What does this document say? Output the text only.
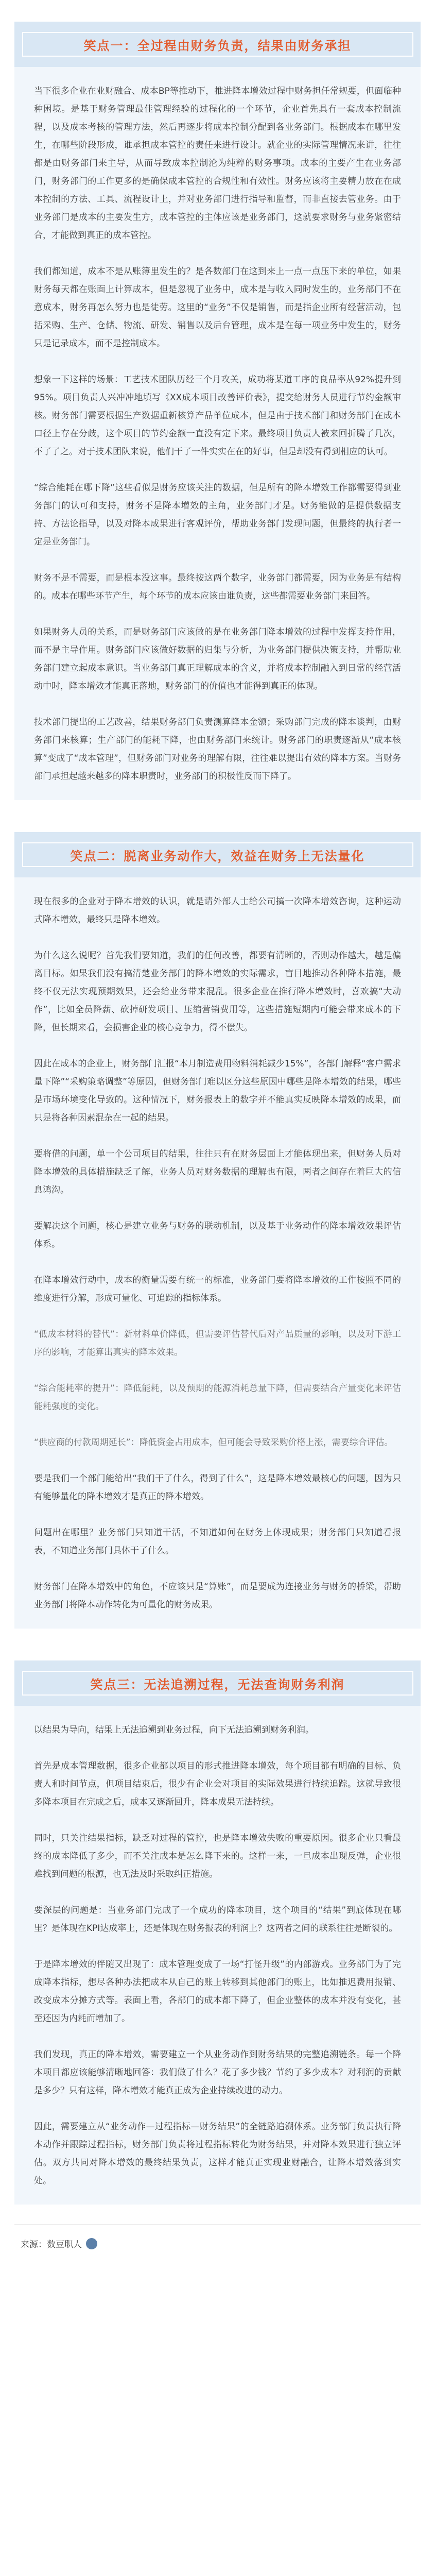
笑点一：全过程由财务负责，结果由财务承担

当下很多企业在业财融合、成本BP等推动下，推进降本增效过程中财务担任常规要，但面临种种困境。是基于财务管理最佳管理经验的过程化的一个环节，企业首先具有一套成本控制流程，以及成本考核的管理方法，然后再逐步将成本控制分配到各业务部门。根据成本在哪里发生，在哪些阶段形成，谁承担成本管控的责任来进行设计。就企业的实际管理情况来讲，往往都是由财务部门来主导，从而导致成本控制沦为纯粹的财务事项。成本的主要产生在业务部门，财务部门的工作更多的是确保成本管控的合规性和有效性。财务应该将主要精力放在在成本控制的方法、工具、流程设计上，并对业务部门进行指导和监督，而非直接去管业务。由于业务部门是成本的主要发生方，成本管控的主体应该是业务部门，这就要求财务与业务紧密结合，才能做到真正的成本管控。

我们都知道，成本不是从账簿里发生的？是各数部门在这到来上一点一点压下来的单位，如果财务每天都在账面上计算成本，但是忽视了业务中，成本是与收入同时发生的，业务部门不在意成本，财务再怎么努力也是徒劳。这里的“业务”不仅是销售，而是指企业所有经营活动，包括采购、生产、仓储、物流、研发、销售以及后台管理，成本是在每一项业务中发生的，财务只是记录成本，而不是控制成本。

想象一下这样的场景：工艺技术团队历经三个月攻关，成功将某道工序的良品率从92%提升到95%。项目负责人兴冲冲地填写《XX成本项目改善评价表》，提交给财务人员进行节约金额审核。财务部门需要根据生产数据重新核算产品单位成本，但是由于技术部门和财务部门在成本口径上存在分歧，这个项目的节约金额一直没有定下来。最终项目负责人被来回折腾了几次，不了了之。对于技术团队来说，他们干了一件实实在在的好事，但是却没有得到相应的认可。

“综合能耗在哪下降”这些看似是财务应该关注的数据，但是所有的降本增效工作都需要得到业务部门的认可和支持，财务不是降本增效的主角，业务部门才是。财务能做的是提供数据支持、方法论指导，以及对降本成果进行客观评价，帮助业务部门发现问题，但最终的执行者一定是业务部门。

财务不是不需要，而是根本没这事。最终按这两个数字，业务部门都需要，因为业务是有结构的。成本在哪些环节产生，每个环节的成本应该由谁负责，这些都需要业务部门来回答。

如果财务人员的关系，而是财务部门应该做的是在业务部门降本增效的过程中发挥支持作用，而不是主导作用。财务部门应该做好数据的归集与分析，为业务部门提供决策支持，并帮助业务部门建立起成本意识。当业务部门真正理解成本的含义，并将成本控制融入到日常的经营活动中时，降本增效才能真正落地，财务部门的价值也才能得到真正的体现。

技术部门提出的工艺改善，结果财务部门负责测算降本金额；采购部门完成的降本谈判，由财务部门来核算；生产部门的能耗下降，也由财务部门来统计。财务部门的职责逐渐从“成本核算”变成了“成本管理”，但财务部门对业务的理解有限，往往难以提出有效的降本方案。当财务部门承担起越来越多的降本职责时，业务部门的积极性反而下降了。

笑点二：脱离业务动作大，效益在财务上无法量化

现在很多的企业对于降本增效的认识，就是请外部人士给公司搞一次降本增效咨询，这种运动式降本增效，最终只是降本增效。

为什么这么说呢？首先我们要知道，我们的任何改善，都要有清晰的，否则动作越大，越是偏离目标。如果我们没有搞清楚业务部门的降本增效的实际需求，盲目地推动各种降本措施，最终不仅无法实现预期效果，还会给业务带来混乱。很多企业在推行降本增效时，喜欢搞“大动作”，比如全员降薪、砍掉研发项目、压缩营销费用等，这些措施短期内可能会带来成本的下降，但长期来看，会损害企业的核心竞争力，得不偿失。

因此在成本的企业上，财务部门汇报“本月制造费用物料消耗减少15%”，各部门解释“客户需求量下降”“采购策略调整”等原因，但财务部门难以区分这些原因中哪些是降本增效的结果，哪些是市场环境变化导致的。这种情况下，财务报表上的数字并不能真实反映降本增效的成果，而只是将各种因素混杂在一起的结果。

要将借的问题，单一个公司项目的结果，往往只有在财务层面上才能体现出来，但财务人员对降本增效的具体措施缺乏了解，业务人员对财务数据的理解也有限，两者之间存在着巨大的信息鸿沟。

要解决这个问题，核心是建立业务与财务的联动机制，以及基于业务动作的降本增效效果评估体系。

在降本增效行动中，成本的衡量需要有统一的标准，业务部门要将降本增效的工作按照不同的维度进行分解，形成可量化、可追踪的指标体系。

“低成本材料的替代”：新材料单价降低，但需要评估替代后对产品质量的影响，以及对下游工序的影响，才能算出真实的降本效果。

“综合能耗率的提升”：降低能耗，以及预期的能源消耗总量下降，但需要结合产量变化来评估能耗强度的变化。

“供应商的付款周期延长”：降低资金占用成本，但可能会导致采购价格上涨，需要综合评估。

要是我们一个部门能给出“我们干了什么，得到了什么”，这是降本增效最核心的问题，因为只有能够量化的降本增效才是真正的降本增效。

问题出在哪里？业务部门只知道干活，不知道如何在财务上体现成果；财务部门只知道看报表，不知道业务部门具体干了什么。

财务部门在降本增效中的角色，不应该只是“算账”，而是要成为连接业务与财务的桥梁，帮助业务部门将降本动作转化为可量化的财务成果。

笑点三：无法追溯过程，无法查询财务利润

以结果为导向，结果上无法追溯到业务过程，向下无法追溯到财务利润。

首先是成本管理数据，很多企业都以项目的形式推进降本增效，每个项目都有明确的目标、负责人和时间节点，但项目结束后，很少有企业会对项目的实际效果进行持续追踪。这就导致很多降本项目在完成之后，成本又逐渐回升，降本成果无法持续。

同时，只关注结果指标，缺乏对过程的管控，也是降本增效失败的重要原因。很多企业只看最终的成本降低了多少，而不关注成本是怎么降下来的。这样一来，一旦成本出现反弹，企业很难找到问题的根源，也无法及时采取纠正措施。

要深层的问题是：当业务部门完成了一个成功的降本项目，这个项目的“结果”到底体现在哪里？是体现在KPI达成率上，还是体现在财务报表的利润上？这两者之间的联系往往是断裂的。

于是降本增效的伴随又出现了：成本管理变成了一场“打怪升级”的内部游戏。业务部门为了完成降本指标，想尽各种办法把成本从自己的账上转移到其他部门的账上，比如推迟费用报销、改变成本分摊方式等。表面上看，各部门的成本都下降了，但企业整体的成本并没有变化，甚至还因为内耗而增加了。

我们发现，真正的降本增效，需要建立一个从业务动作到财务结果的完整追溯链条。每一个降本项目都应该能够清晰地回答：我们做了什么？花了多少钱？节约了多少成本？对利润的贡献是多少？只有这样，降本增效才能真正成为企业持续改进的动力。

因此，需要建立从“业务动作—过程指标—财务结果”的全链路追溯体系。业务部门负责执行降本动作并跟踪过程指标，财务部门负责将过程指标转化为财务结果，并对降本效果进行独立评估。双方共同对降本增效的最终结果负责，这样才能真正实现业财融合，让降本增效落到实处。

来源：数豆职人
